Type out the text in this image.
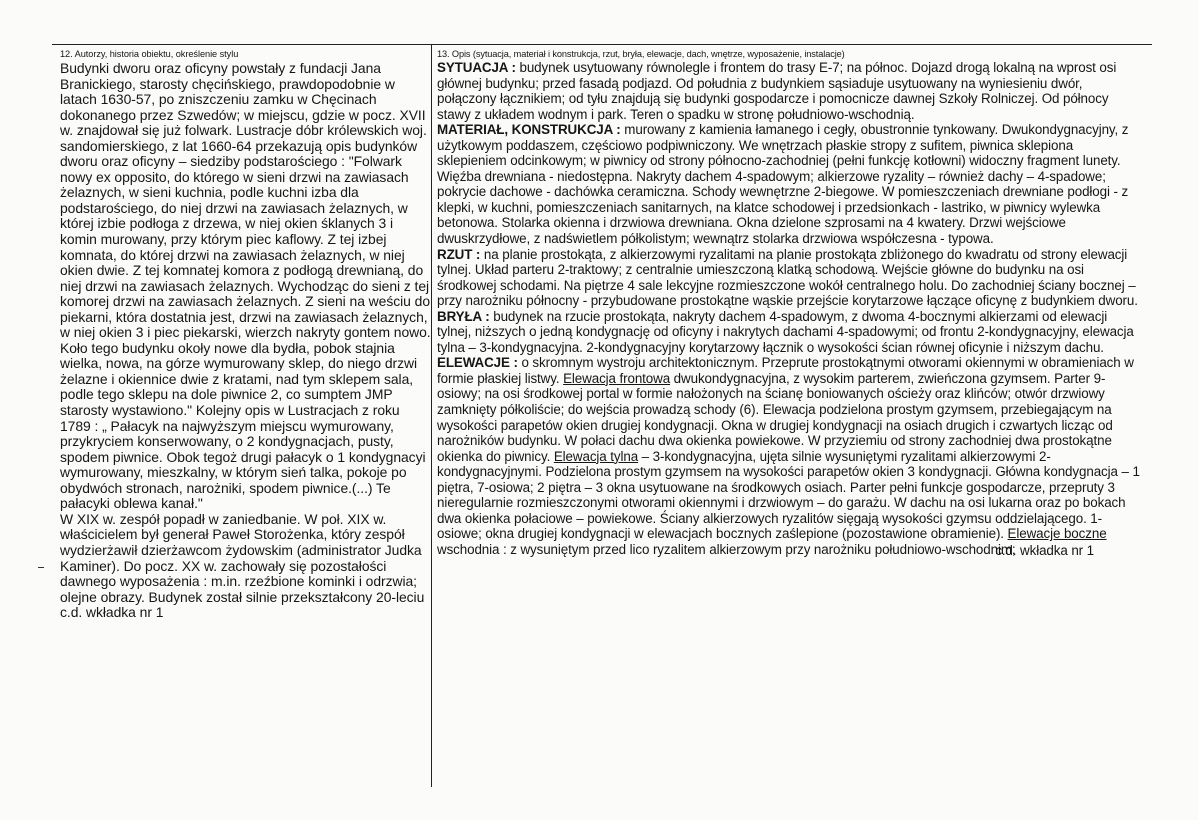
12. Autorzy, historia obiektu, określenie stylu

Budynki dworu oraz oficyny powstały z fundacji Jana Branickiego, starosty chęcińskiego, prawdopodobnie w latach 1630-57, po zniszczeniu zamku w Chęcinach dokonanego przez Szwedów; w miejscu, gdzie w pocz. XVII w. znajdował się już folwark. Lustracje dóbr królewskich woj. sandomierskiego, z lat 1660-64 przekazują opis budynków dworu oraz oficyny – siedziby podstarościego : "Folwark nowy ex opposito, do którego w sieni drzwi na zawiasach żelaznych, w sieni kuchnia, podle kuchni izba dla podstarościego, do niej drzwi na zawiasach żelaznych, w której izbie podłoga z drzewa, w niej okien śklanych 3 i komin murowany, przy którym piec kaflowy. Z tej izbej komnata, do której drzwi na zawiasach żelaznych, w niej okien dwie. Z tej komnatej komora z podłogą drewnianą, do niej drzwi na zawiasach żelaznych. Wychodząc do sieni z tej komorej drzwi na zawiasach żelaznych. Z sieni na weściu do piekarni, która dostatnia jest, drzwi na zawiasach żelaznych, w niej okien 3 i piec piekarski, wierzch nakryty gontem nowo. Koło tego budynku okoły nowe dla bydła, pobok stajnia wielka, nowa, na górze wymurowany sklep, do niego drzwi żelazne i okiennice dwie z kratami, nad tym sklepem sala, podle tego sklepu na dole piwnice 2, co sumptem JMP starosty wystawiono." Kolejny opis w Lustracjach z roku 1789 : „ Pałacyk na najwyższym miejscu wymurowany, przykryciem konserwowany, o 2 kondygnacjach, pusty, spodem piwnice. Obok tegoż drugi pałacyk o 1 kondygnacyi wymurowany, mieszkalny, w którym sień talka, pokoje po obydwóch stronach, narożniki, spodem piwnice.(...) Te pałacyki oblewa kanał."

W XIX w. zespół popadł w zaniedbanie. W poł. XIX w. właścicielem był generał Paweł Storożenka, który zespół wydzierżawił dzierżawcom żydowskim (administrator Judka Kaminer). Do pocz. XX w. zachowały się pozostałości dawnego wyposażenia : m.in. rzeźbione kominki i odrzwia; olejne obrazy. Budynek został silnie przekształcony 20-leciu

c.d. wkładka nr 1
13. Opis (sytuacja, materiał i konstrukcja, rzut, bryła, elewacje, dach, wnętrze, wyposażenie, instalacje)

SYTUACJA : budynek usytuowany równolegle i frontem do trasy E-7; na północ. Dojazd drogą lokalną na wprost osi głównej budynku; przed fasadą podjazd. Od południa z budynkiem sąsiaduje usytuowany na wyniesieniu dwór, połączony łącznikiem; od tyłu znajdują się budynki gospodarcze i pomocnicze dawnej Szkoły Rolniczej. Od północy stawy z układem wodnym i park. Teren o spadku w stronę południowo-wschodnią.

MATERIAŁ, KONSTRUKCJA : murowany z kamienia łamanego i cegły, obustronnie tynkowany. Dwukondygnacyjny, z użytkowym poddaszem, częściowo podpiwniczony. We wnętrzach płaskie stropy z sufitem, piwnica sklepiona sklepieniem odcinkowym; w piwnicy od strony północno-zachodniej (pełni funkcję kotłowni) widoczny fragment lunety. Więźba drewniana - niedostępna. Nakryty dachem 4-spadowym; alkierzowe ryzality – również dachy – 4-spadowe; pokrycie dachowe - dachówka ceramiczna. Schody wewnętrzne 2-biegowe. W pomieszczeniach drewniane podłogi - z klepki, w kuchni, pomieszczeniach sanitarnych, na klatce schodowej i przedsionkach - lastriko, w piwnicy wylewka betonowa. Stolarka okienna i drzwiowa drewniana. Okna dzielone szprosami na 4 kwatery. Drzwi wejściowe dwuskrzydłowe, z nadświetlem półkolistym; wewnątrz stolarka drzwiowa współczesna - typowa.

RZUT : na planie prostokąta, z alkierzowymi ryzalitami na planie prostokąta zbliżonego do kwadratu od strony elewacji tylnej. Układ parteru 2-traktowy; z centralnie umieszczoną klatką schodową. Wejście główne do budynku na osi środkowej schodami. Na piętrze 4 sale lekcyjne rozmieszczone wokół centralnego holu. Do zachodniej ściany bocznej – przy narożniku północny - przybudowane prostokątne wąskie przejście korytarzowe łączące oficynę z budynkiem dworu.

BRYŁA : budynek na rzucie prostokąta, nakryty dachem 4-spadowym, z dwoma 4-bocznymi alkierzami od elewacji tylnej, niższych o jedną kondygnację od oficyny i nakrytych dachami 4-spadowymi; od frontu 2-kondygnacyjny, elewacja tylna – 3-kondygnacyjna. 2-kondygnacyjny korytarzowy łącznik o wysokości ścian równej oficynie i niższym dachu.

ELEWACJE : o skromnym wystroju architektonicznym. Przeprute prostokątnymi otworami okiennymi w obramieniach w formie płaskiej listwy. Elewacja frontowa dwukondygnacyjna, z wysokim parterem, zwieńczona gzymsem. Parter 9-osiowy; na osi środkowej portal w formie nałożonych na ścianę boniowanych ościeży oraz klińców; otwór drzwiowy zamknięty półkoliście; do wejścia prowadzą schody (6). Elewacja podzielona prostym gzymsem, przebiegającym na wysokości parapetów okien drugiej kondygnacji. Okna w drugiej kondygnacji na osiach drugich i czwartych licząc od narożników budynku. W połaci dachu dwa okienka powiekowe. W przyziemiu od strony zachodniej dwa prostokątne okienka do piwnicy. Elewacja tylna – 3-kondygnacyjna, ujęta silnie wysuniętymi ryzalitami alkierzowymi 2-kondygnacyjnymi. Podzielona prostym gzymsem na wysokości parapetów okien 3 kondygnacji. Główna kondygnacja – 1 piętra, 7-osiowa; 2 piętra – 3 okna usytuowane na środkowych osiach. Parter pełni funkcje gospodarcze, przepruty 3 nieregularnie rozmieszczonymi otworami okiennymi i drzwiowym – do garażu. W dachu na osi lukarna oraz po bokach dwa okienka połaciowe – powiekowe. Ściany alkierzowych ryzalitów sięgają wysokości gzymsu oddzielającego. 1-osiowe; okna drugiej kondygnacji w elewacjach bocznych zaślepione (pozostawione obramienie). Elewacje boczne wschodnia : z wysuniętym przed lico ryzalitem alkierzowym przy narożniku południowo-wschodnim;

c.d. wkładka nr 1
